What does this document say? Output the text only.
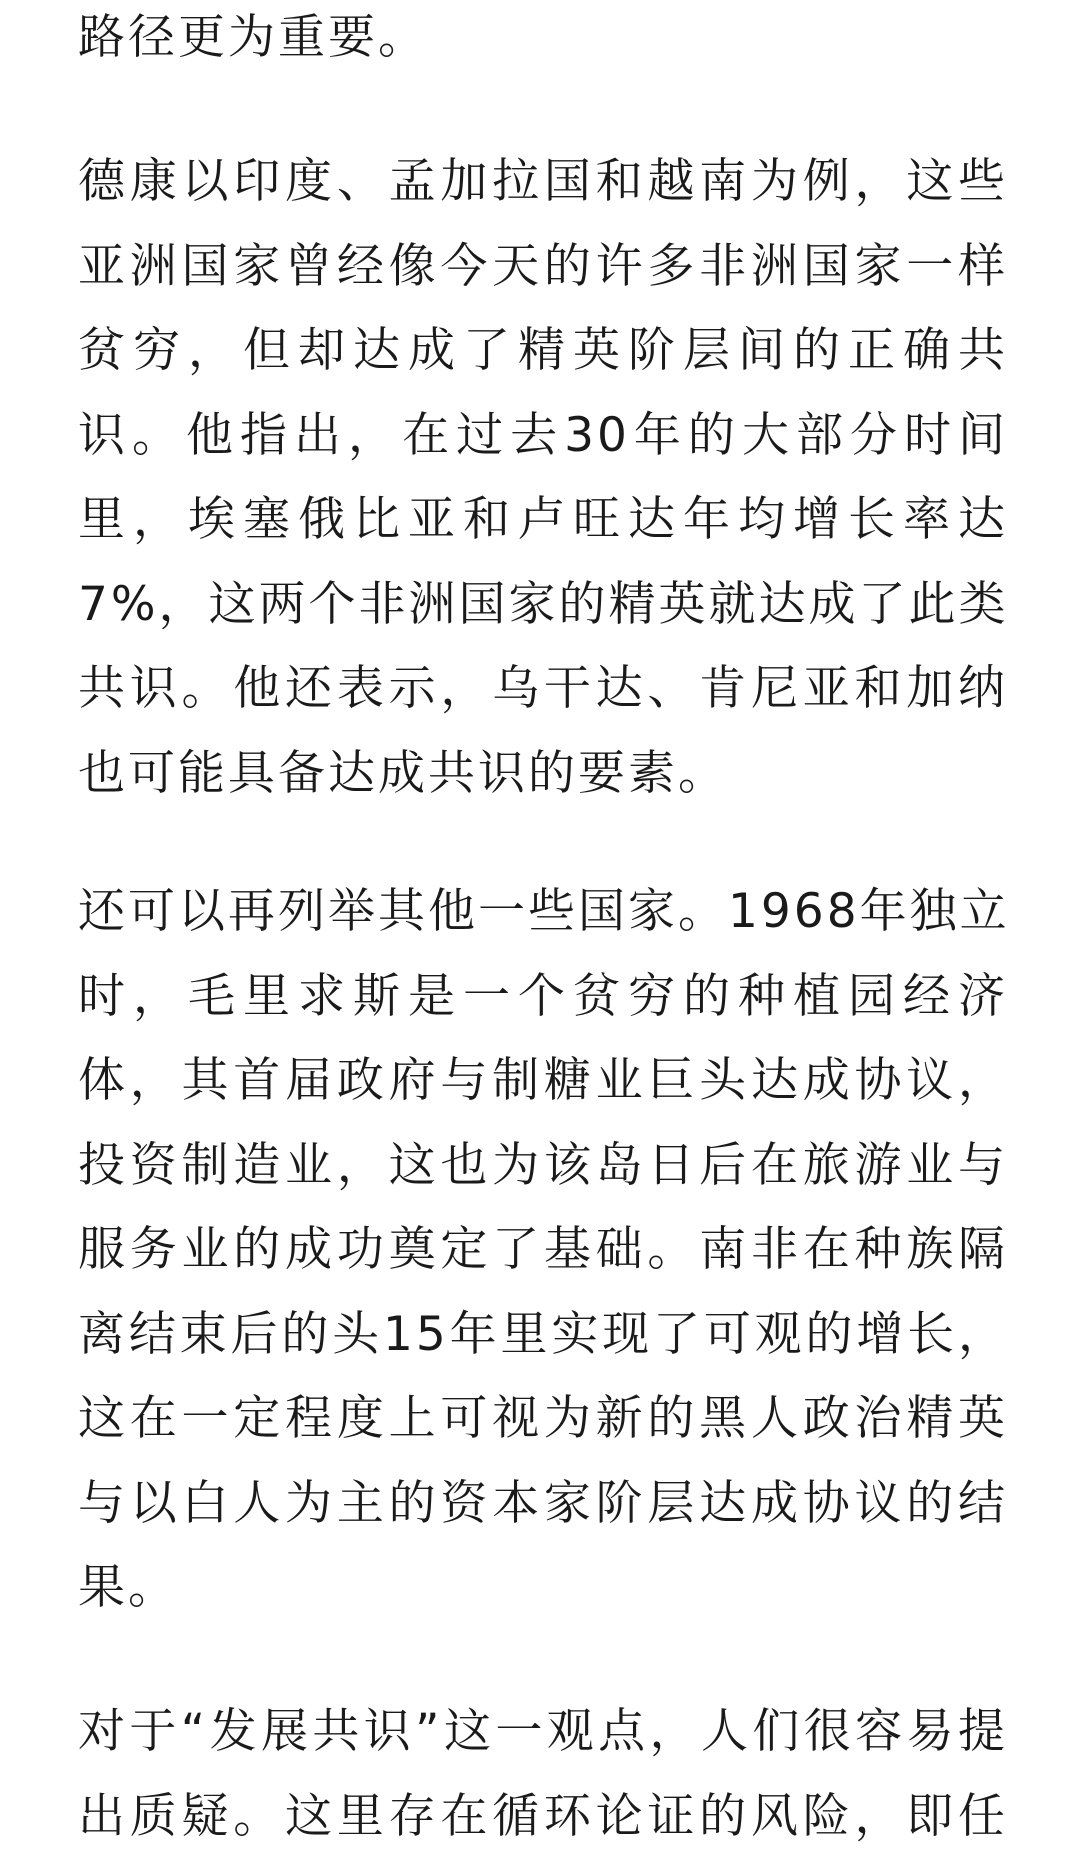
路径更为重要。

德康以印度、孟加拉国和越南为例，这些
亚洲国家曾经像今天的许多非洲国家一样
贫穷，但却达成了精英阶层间的正确共
识。他指出，在过去30年的大部分时间
里，埃塞俄比亚和卢旺达年均增长率达
7%，这两个非洲国家的精英就达成了此类
共识。他还表示，乌干达、肯尼亚和加纳
也可能具备达成共识的要素。

还可以再列举其他一些国家。1968年独立
时，毛里求斯是一个贫穷的种植园经济
体，其首届政府与制糖业巨头达成协议，
投资制造业，这也为该岛日后在旅游业与
服务业的成功奠定了基础。南非在种族隔
离结束后的头15年里实现了可观的增长，
这在一定程度上可视为新的黑人政治精英
与以白人为主的资本家阶层达成协议的结
果。

对于“发展共识”这一观点，人们很容易提
出质疑。这里存在循环论证的风险，即任
